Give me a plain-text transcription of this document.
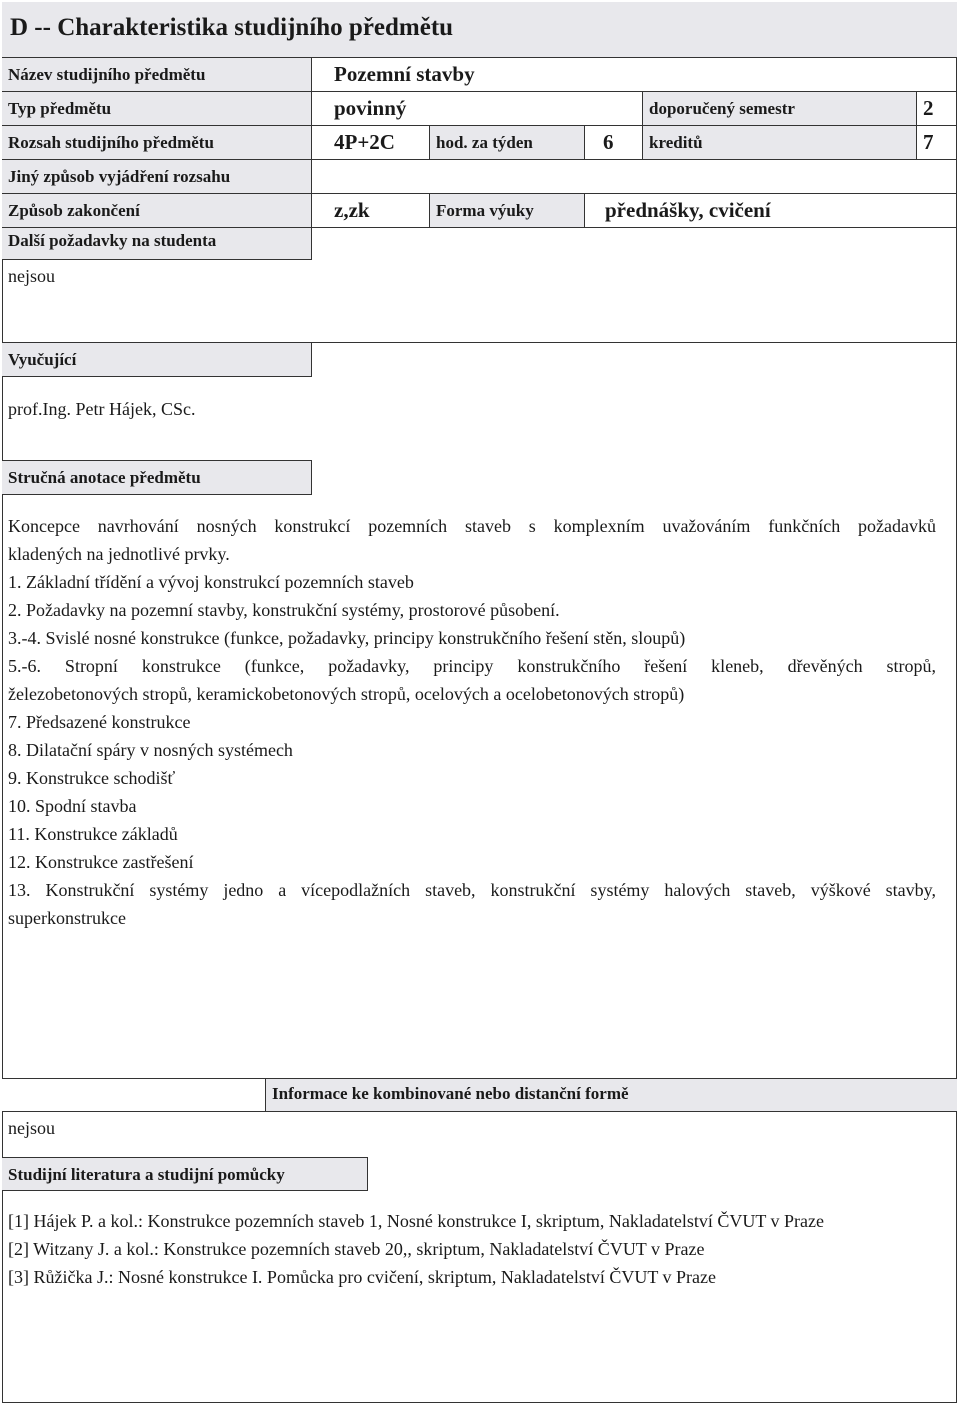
D -- Charakteristika studijního předmětu
Název studijního předmětu	Pozemní stavby
Typ předmětu	povinný	doporučený semestr	2
Rozsah studijního předmětu	4P+2C	hod. za týden	6	kreditů	7
Jiný způsob vyjádření rozsahu
Způsob zakončení	z,zk	Forma výuky	přednášky, cvičení
Další požadavky na studenta
nejsou
Vyučující
prof.Ing. Petr Hájek, CSc.
Stručná anotace předmětu
Koncepce navrhování nosných konstrukcí pozemních staveb s komplexním uvažováním funkčních požadavků
kladených na jednotlivé prvky.
1. Základní třídění a vývoj konstrukcí pozemních staveb
2. Požadavky na pozemní stavby, konstrukční systémy, prostorové působení.
3.-4. Svislé nosné konstrukce (funkce, požadavky, principy konstrukčního řešení stěn, sloupů)
5.-6. Stropní konstrukce (funkce, požadavky, principy konstrukčního řešení kleneb, dřevěných stropů,
železobetonových stropů, keramickobetonových stropů, ocelových a ocelobetonových stropů)
7. Předsazené konstrukce
8. Dilatační spáry v nosných systémech
9. Konstrukce schodišť
10. Spodní stavba
11. Konstrukce základů
12. Konstrukce zastřešení
13. Konstrukční systémy jedno a vícepodlažních staveb, konstrukční systémy halových staveb, výškové stavby,
superkonstrukce
Informace ke kombinované nebo distanční formě
nejsou
Studijní literatura a studijní pomůcky
[1] Hájek P. a kol.: Konstrukce pozemních staveb 1, Nosné konstrukce I, skriptum, Nakladatelství ČVUT v Praze
[2] Witzany J. a kol.: Konstrukce pozemních staveb 20,, skriptum, Nakladatelství ČVUT v Praze
[3] Růžička J.: Nosné konstrukce I. Pomůcka pro cvičení, skriptum, Nakladatelství ČVUT v Praze
